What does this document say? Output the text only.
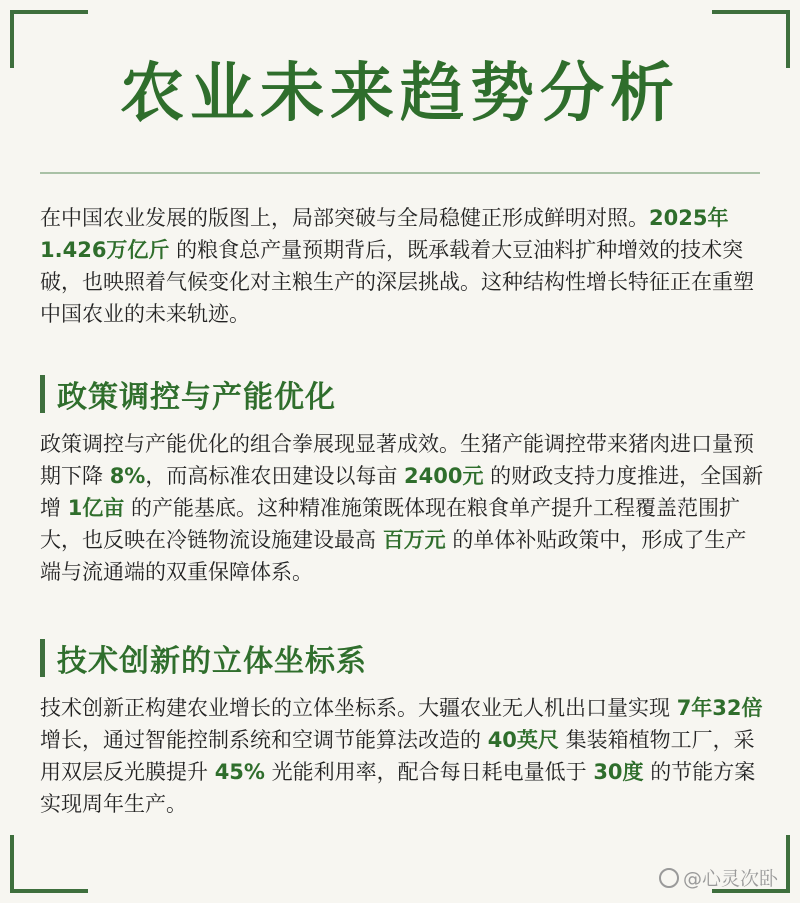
农业未来趋势分析

在中国农业发展的版图上，局部突破与全局稳健正形成鲜明对照。2025年1.426万亿斤 的粮食总产量预期背后，既承载着大豆油料扩种增效的技术突破，也映照着气候变化对主粮生产的深层挑战。这种结构性增长特征正在重塑中国农业的未来轨迹。

政策调控与产能优化

政策调控与产能优化的组合拳展现显著成效。生猪产能调控带来猪肉进口量预期下降 8%，而高标准农田建设以每亩 2400元 的财政支持力度推进，全国新增 1亿亩 的产能基底。这种精准施策既体现在粮食单产提升工程覆盖范围扩大，也反映在冷链物流设施建设最高 百万元 的单体补贴政策中，形成了生产端与流通端的双重保障体系。

技术创新的立体坐标系

技术创新正构建农业增长的立体坐标系。大疆农业无人机出口量实现 7年32倍 增长，通过智能控制系统和空调节能算法改造的 40英尺 集装箱植物工厂，采用双层反光膜提升 45% 光能利用率，配合每日耗电量低于 30度 的节能方案实现周年生产。

@心灵次卧
